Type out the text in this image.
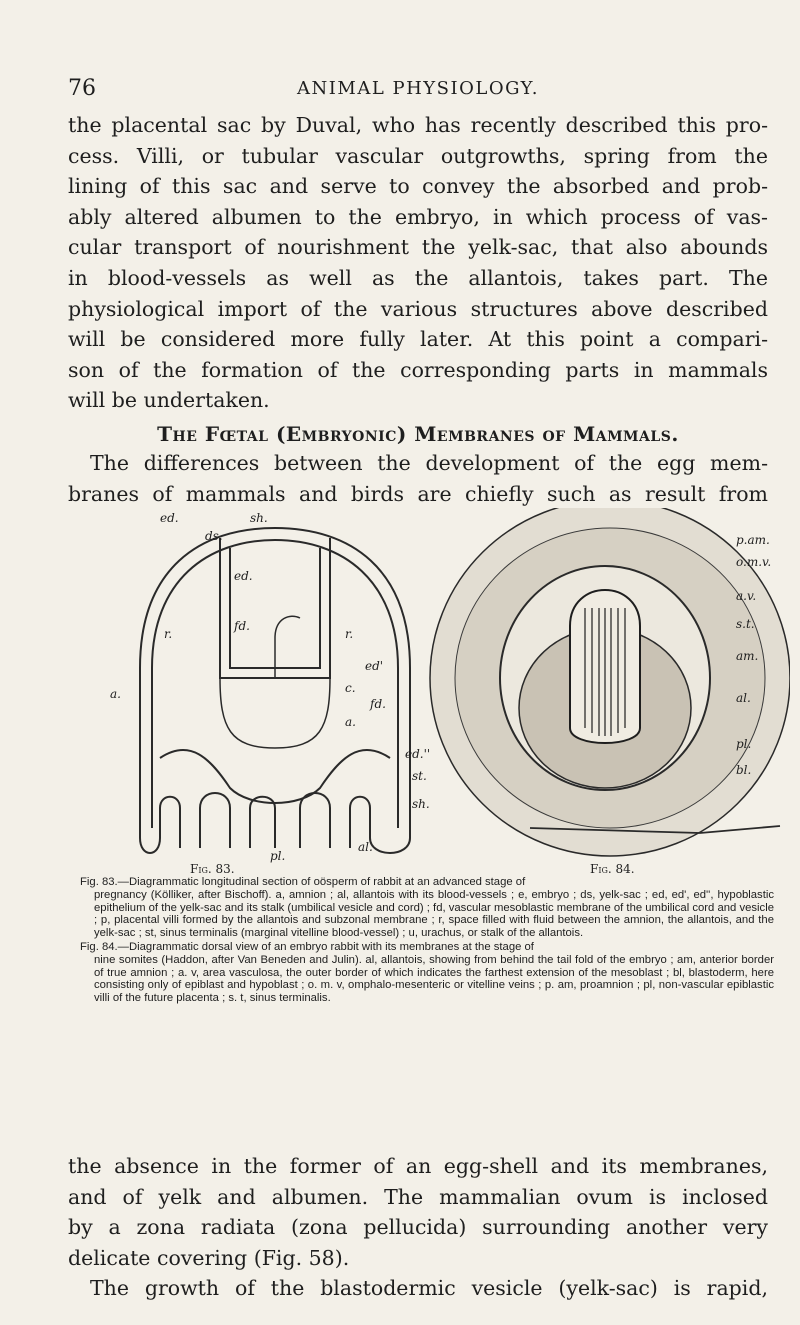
76	ANIMAL PHYSIOLOGY.
the placental sac by Duval, who has recently described this pro-
cess. Villi, or tubular vascular outgrowths, spring from the
lining of this sac and serve to convey the absorbed and prob-
ably altered albumen to the embryo, in which process of vas-
cular transport of nourishment the yelk-sac, that also abounds
in blood-vessels as well as the allantois, takes part. The
physiological import of the various structures above described
will be considered more fully later. At this point a compari-
son of the formation of the corresponding parts in mammals
will be undertaken.
The Fœtal (Embryonic) Membranes of Mammals.
The differences between the development of the egg mem-
branes of mammals and birds are chiefly such as result from
ed.	sh.
ds.
ed.
fd.
r.	r.
ed'
fd.
a.	c.
a.
ed.''
st.
sh.
al.
pl.
p.am.
o.m.v.
a.v.
s.t.
am.
al.
pl.
bl.
Fig. 83.	Fig. 84.

Fig. 83.—Diagrammatic longitudinal section of oösperm of rabbit at an advanced stage of
pregnancy (Kölliker, after Bischoff). a, amnion ; al, allantois with its blood-vessels ; e, embryo ; ds, yelk-sac ; ed, ed', ed'', hypoblastic epithelium of the yelk-sac and its stalk (umbilical vesicle and cord) ; fd, vascular mesoblastic membrane of the umbilical cord and vesicle ; p, placental villi formed by the allantois and subzonal membrane ; r, space filled with fluid between the amnion, the allantois, and the yelk-sac ; st, sinus terminalis (marginal vitelline blood-vessel) ; u, urachus, or stalk of the allantois.

Fig. 84.—Diagrammatic dorsal view of an embryo rabbit with its membranes at the stage of
nine somites (Haddon, after Van Beneden and Julin). al, allantois, showing from behind the tail fold of the embryo ; am, anterior border of true amnion ; a. v, area vasculosa, the outer border of which indicates the farthest extension of the mesoblast ; bl, blastoderm, here consisting only of epiblast and hypoblast ; o. m. v, omphalo-mesenteric or vitelline veins ; p. am, proamnion ; pl, non-vascular epiblastic villi of the future placenta ; s. t, sinus terminalis.

the absence in the former of an egg-shell and its membranes,
and of yelk and albumen. The mammalian ovum is inclosed
by a zona radiata (zona pellucida) surrounding another very
delicate covering (Fig. 58).
The growth of the blastodermic vesicle (yelk-sac) is rapid,
